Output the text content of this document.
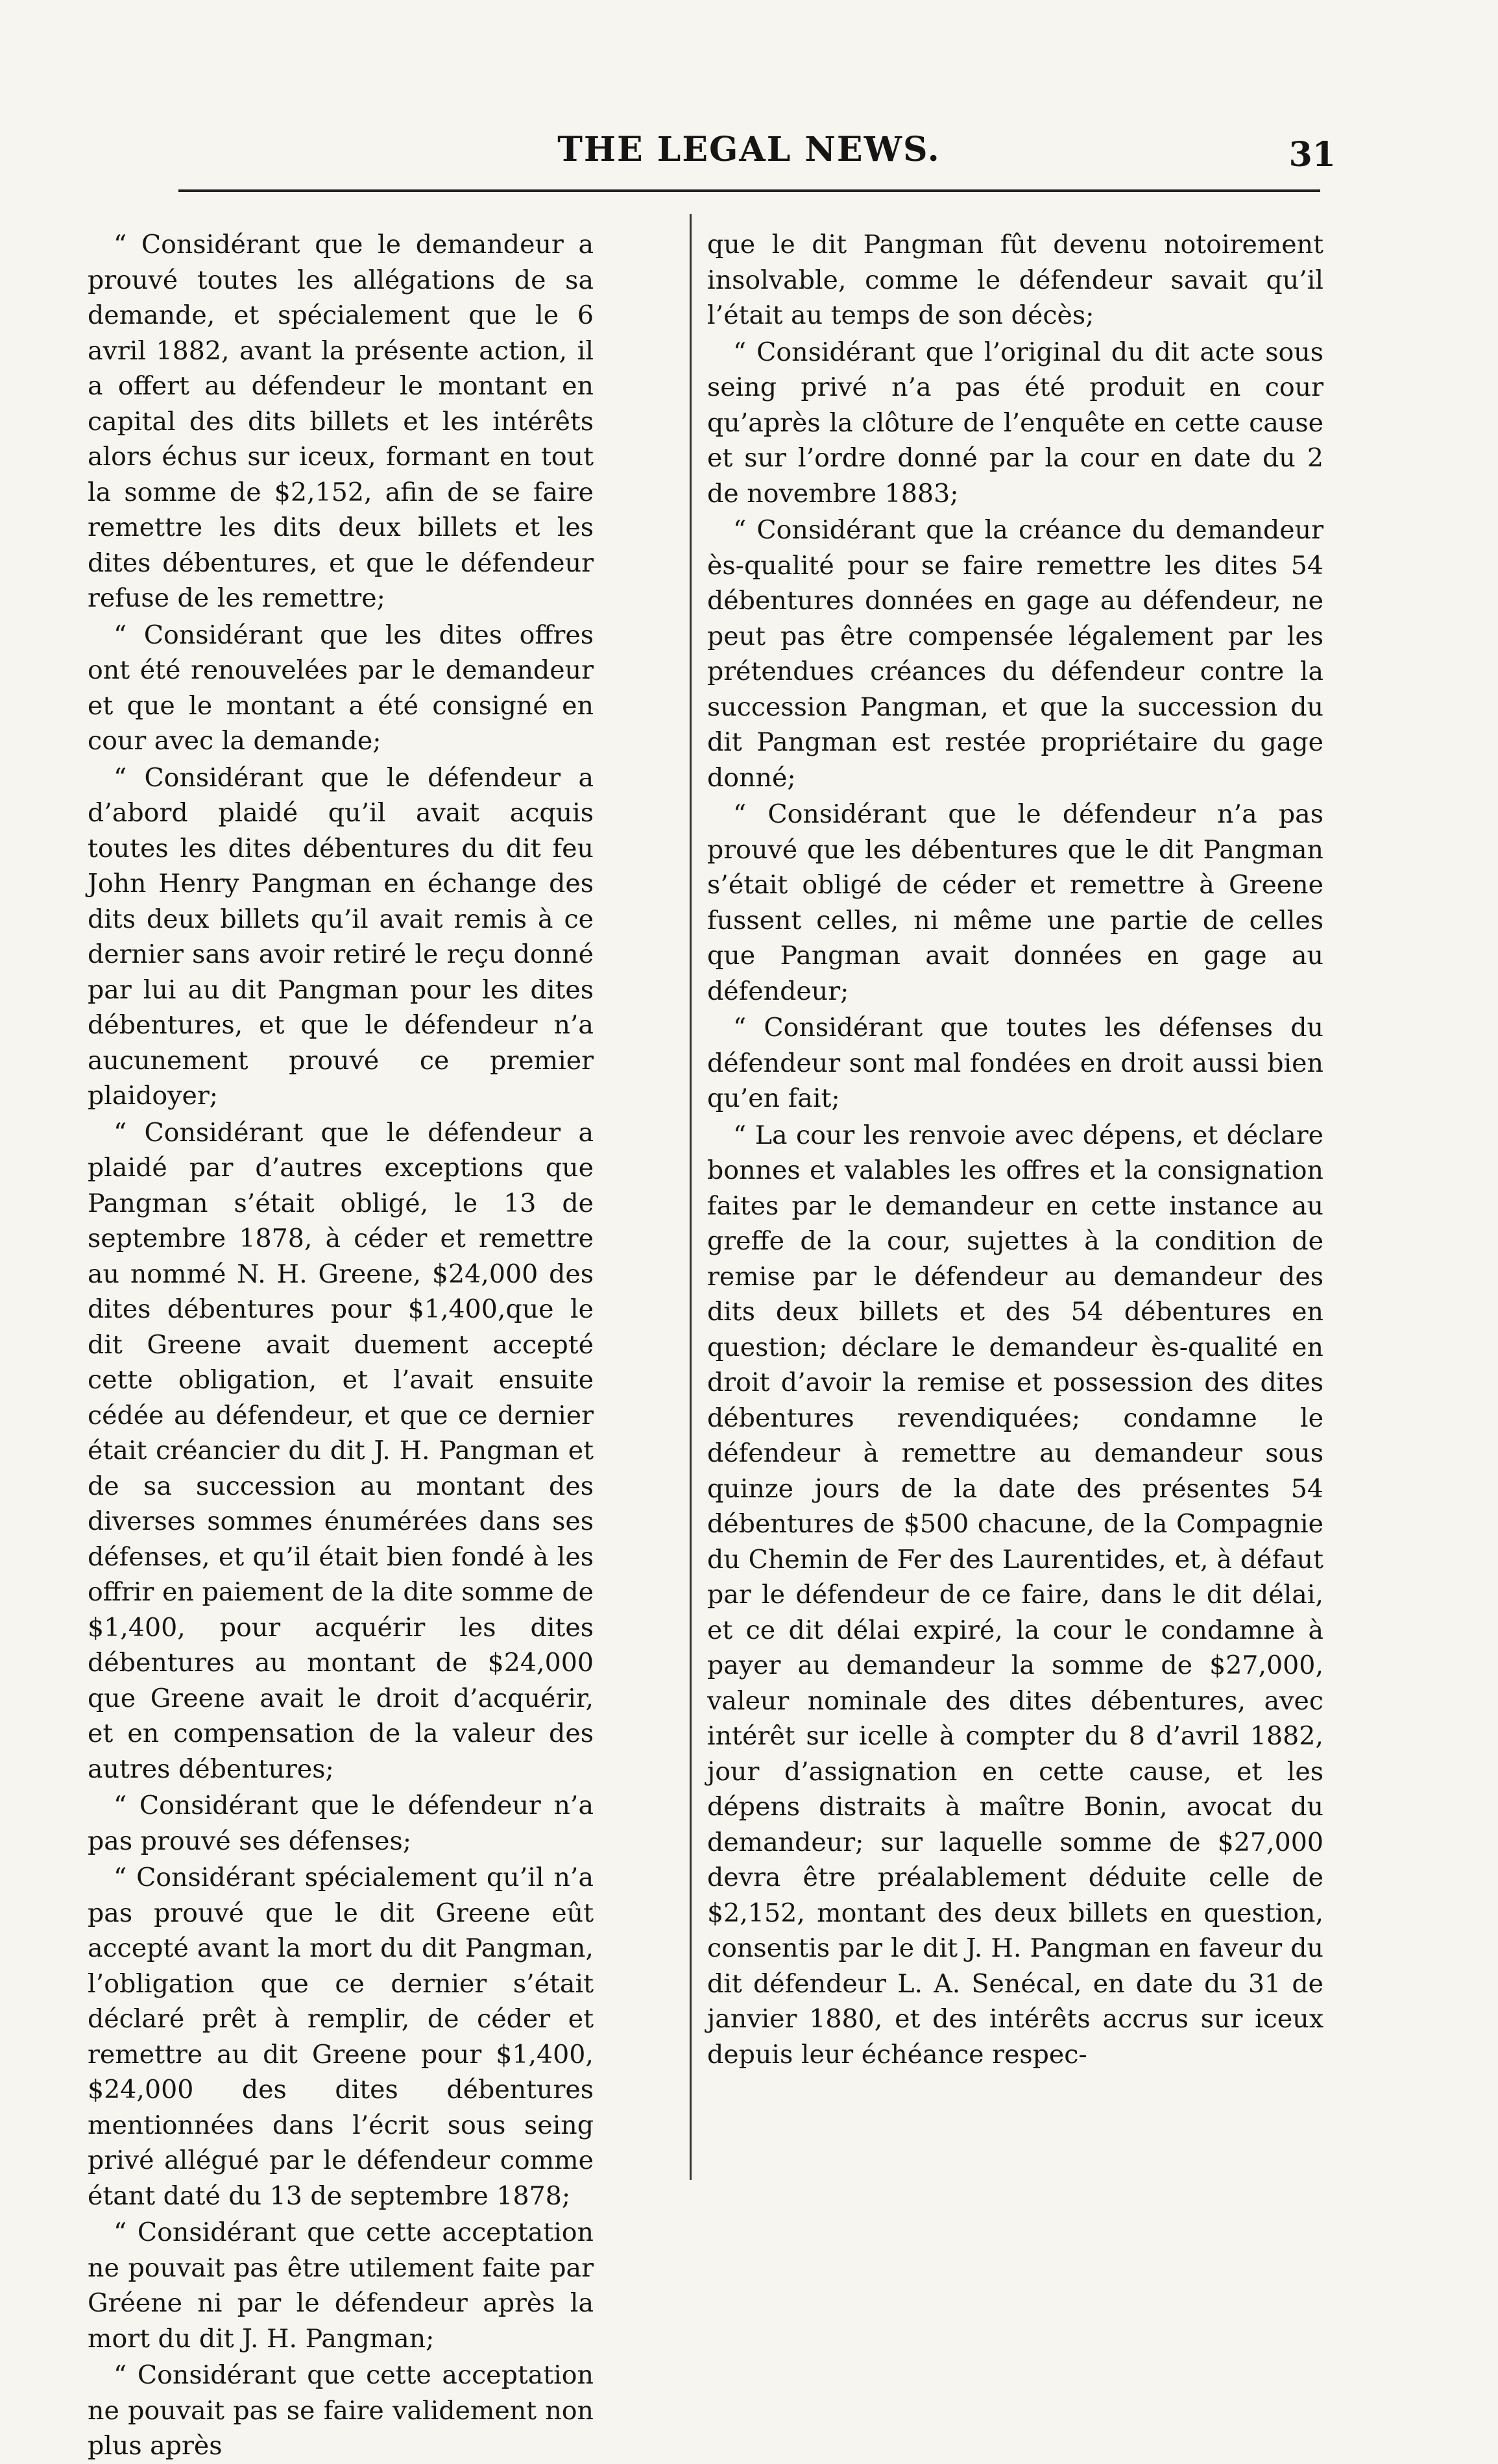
THE LEGAL NEWS.	31

“ Considérant que le demandeur a prouvé toutes les allégations de sa demande, et spécialement que le 6 avril 1882, avant la présente action, il a offert au défendeur le montant en capital des dits billets et les intérêts alors échus sur iceux, formant en tout la somme de $2,152, afin de se faire remettre les dits deux billets et les dites débentures, et que le défendeur refuse de les remettre;

“ Considérant que les dites offres ont été renouvelées par le demandeur et que le montant a été consigné en cour avec la demande;

“ Considérant que le défendeur a d’abord plaidé qu’il avait acquis toutes les dites débentures du dit feu John Henry Pangman en échange des dits deux billets qu’il avait remis à ce dernier sans avoir retiré le reçu donné par lui au dit Pangman pour les dites débentures, et que le défendeur n’a aucunement prouvé ce premier plaidoyer;

“ Considérant que le défendeur a plaidé par d’autres exceptions que Pangman s’était obligé, le 13 de septembre 1878, à céder et remettre au nommé N. H. Greene, $24,000 des dites débentures pour $1,400,que le dit Greene avait duement accepté cette obligation, et l’avait ensuite cédée au défendeur, et que ce dernier était créancier du dit J. H. Pangman et de sa succession au montant des diverses sommes énumérées dans ses défenses, et qu’il était bien fondé à les offrir en paiement de la dite somme de $1,400, pour acquérir les dites débentures au montant de $24,000 que Greene avait le droit d’acquérir, et en compensation de la valeur des autres débentures;

“ Considérant que le défendeur n’a pas prouvé ses défenses;

“ Considérant spécialement qu’il n’a pas prouvé que le dit Greene eût accepté avant la mort du dit Pangman, l’obligation que ce dernier s’était déclaré prêt à remplir, de céder et remettre au dit Greene pour $1,400, $24,000 des dites débentures mentionnées dans l’écrit sous seing privé allégué par le défendeur comme étant daté du 13 de septembre 1878;

“ Considérant que cette acceptation ne pouvait pas être utilement faite par Gréene ni par le défendeur après la mort du dit J. H. Pangman;

“ Considérant que cette acceptation ne pouvait pas se faire validement non plus après

que le dit Pangman fût devenu notoirement insolvable, comme le défendeur savait qu’il l’était au temps de son décès;

“ Considérant que l’original du dit acte sous seing privé n’a pas été produit en cour qu’après la clôture de l’enquête en cette cause et sur l’ordre donné par la cour en date du 2 de novembre 1883;

“ Considérant que la créance du demandeur ès-qualité pour se faire remettre les dites 54 débentures données en gage au défendeur, ne peut pas être compensée légalement par les prétendues créances du défendeur contre la succession Pangman, et que la succession du dit Pangman est restée propriétaire du gage donné;

“ Considérant que le défendeur n’a pas prouvé que les débentures que le dit Pangman s’était obligé de céder et remettre à Greene fussent celles, ni même une partie de celles que Pangman avait données en gage au défendeur;

“ Considérant que toutes les défenses du défendeur sont mal fondées en droit aussi bien qu’en fait;

“ La cour les renvoie avec dépens, et déclare bonnes et valables les offres et la consignation faites par le demandeur en cette instance au greffe de la cour, sujettes à la condition de remise par le défendeur au demandeur des dits deux billets et des 54 débentures en question; déclare le demandeur ès-qualité en droit d’avoir la remise et possession des dites débentures revendiquées; condamne le défendeur à remettre au demandeur sous quinze jours de la date des présentes 54 débentures de $500 chacune, de la Compagnie du Chemin de Fer des Laurentides, et, à défaut par le défendeur de ce faire, dans le dit délai, et ce dit délai expiré, la cour le condamne à payer au demandeur la somme de $27,000, valeur nominale des dites débentures, avec intérêt sur icelle à compter du 8 d’avril 1882, jour d’assignation en cette cause, et les dépens distraits à maître Bonin, avocat du demandeur; sur laquelle somme de $27,000 devra être préalablement déduite celle de $2,152, montant des deux billets en question, consentis par le dit J. H. Pangman en faveur du dit défendeur L. A. Senécal, en date du 31 de janvier 1880, et des intérêts accrus sur iceux depuis leur échéance respec-
